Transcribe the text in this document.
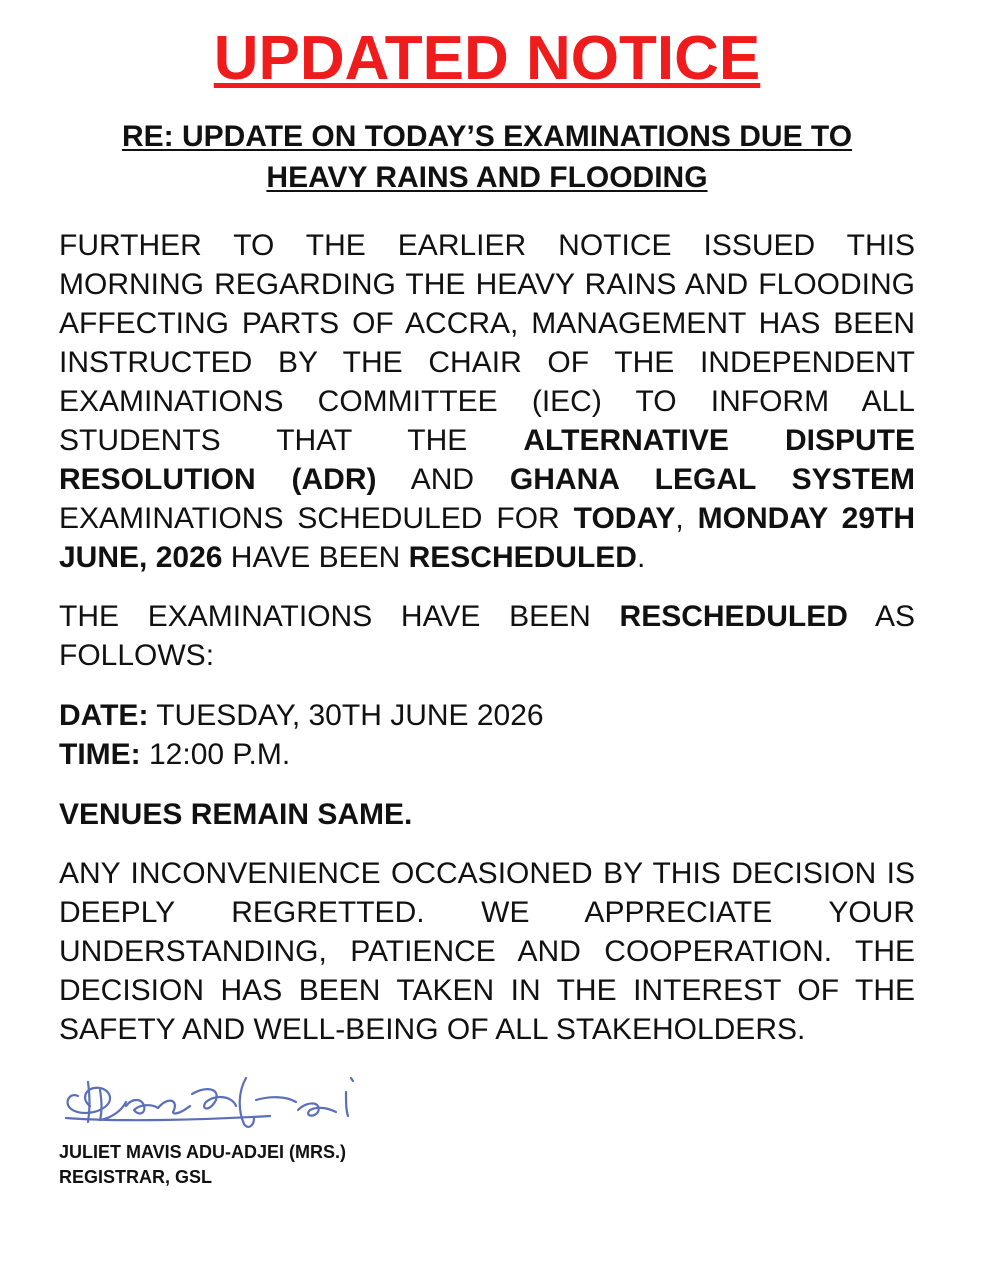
UPDATED NOTICE
RE: UPDATE ON TODAY’S EXAMINATIONS DUE TO
HEAVY RAINS AND FLOODING

FURTHER TO THE EARLIER NOTICE ISSUED THIS MORNING REGARDING THE HEAVY RAINS AND FLOODING AFFECTING PARTS OF ACCRA, MANAGEMENT HAS BEEN INSTRUCTED BY THE CHAIR OF THE INDEPENDENT EXAMINATIONS COMMITTEE (IEC) TO INFORM ALL STUDENTS THAT THE ALTERNATIVE DISPUTE RESOLUTION (ADR) AND GHANA LEGAL SYSTEM EXAMINATIONS SCHEDULED FOR TODAY, MONDAY 29TH JUNE, 2026 HAVE BEEN RESCHEDULED.

THE EXAMINATIONS HAVE BEEN RESCHEDULED AS FOLLOWS:

DATE: TUESDAY, 30TH JUNE 2026
TIME: 12:00 P.M.
VENUES REMAIN SAME.

ANY INCONVENIENCE OCCASIONED BY THIS DECISION IS DEEPLY REGRETTED. WE APPRECIATE YOUR UNDERSTANDING, PATIENCE AND COOPERATION. THE DECISION HAS BEEN TAKEN IN THE INTEREST OF THE SAFETY AND WELL-BEING OF ALL STAKEHOLDERS.

JULIET MAVIS ADU-ADJEI (MRS.)
REGISTRAR, GSL
